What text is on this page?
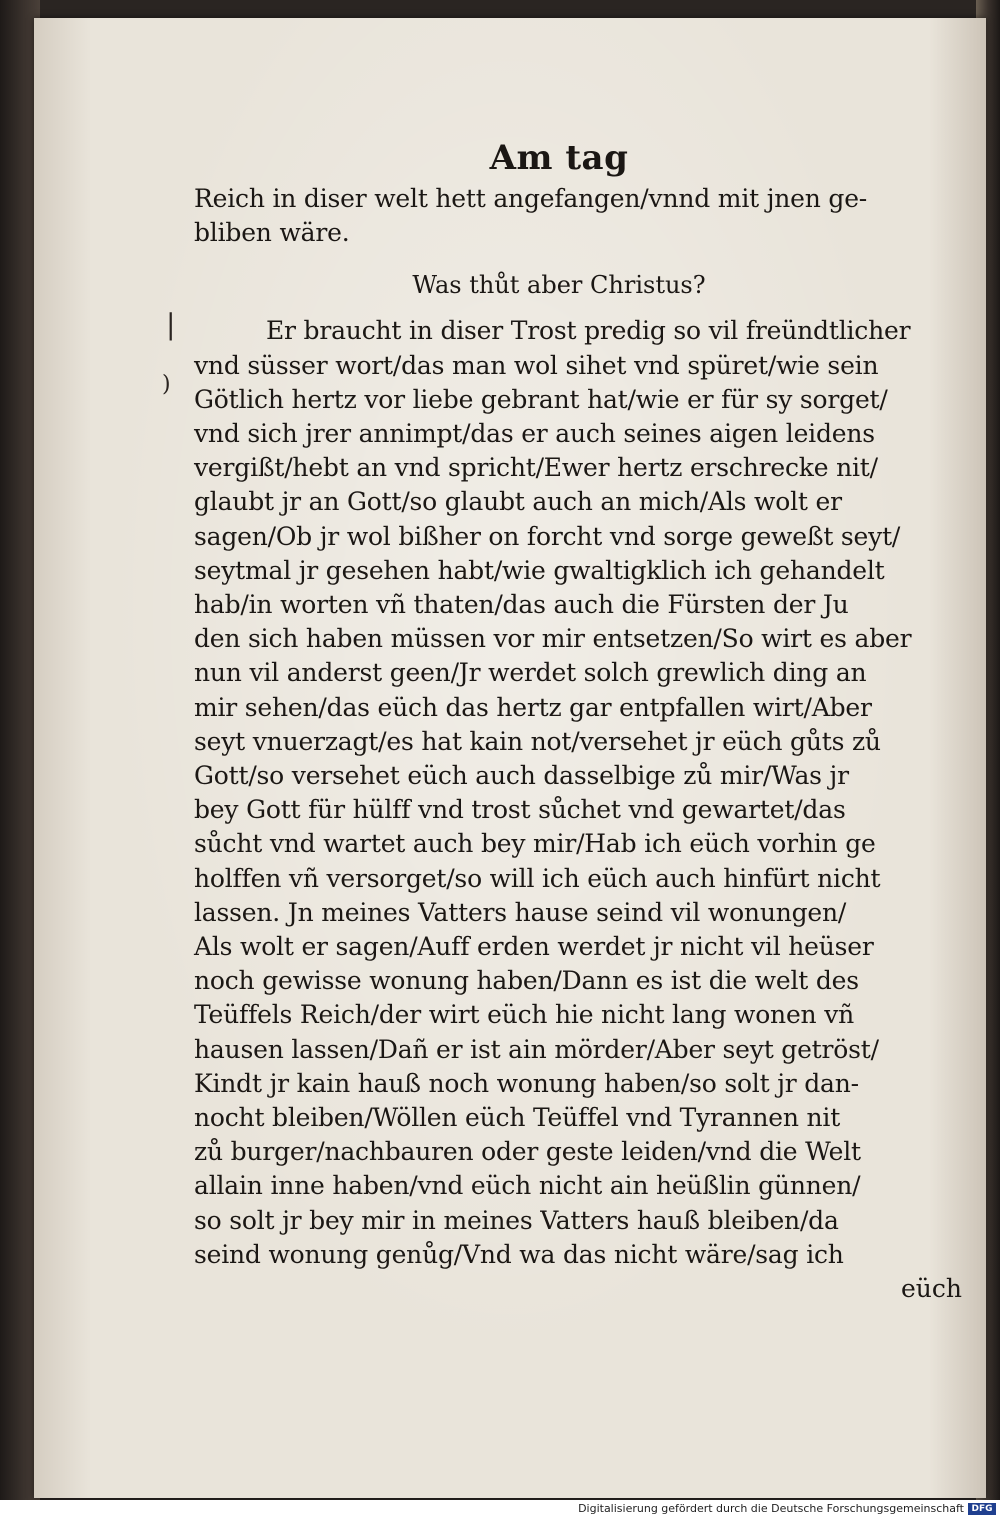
|
)
Am tag
Reich in diser welt hett angefangen/vnnd mit jnen ge-
bliben wäre.
Was thůt aber Christus?
Er braucht in diser Trost predig so vil freündtlicher
vnd süsser wort/das man wol sihet vnd spüret/wie sein
Götlich hertz vor liebe gebrant hat/wie er für sy sorget/
vnd sich jrer annimpt/das er auch seines aigen leidens
vergißt/hebt an vnd spricht/Ewer hertz erschrecke nit/
glaubt jr an Gott/so glaubt auch an mich/Als wolt er
sagen/Ob jr wol bißher on forcht vnd sorge geweßt seyt/
seytmal jr gesehen habt/wie gwaltigklich ich gehandelt
hab/in worten vñ thaten/das auch die Fürsten der Ju
den sich haben müssen vor mir entsetzen/So wirt es aber
nun vil anderst geen/Jr werdet solch grewlich ding an
mir sehen/das eüch das hertz gar entpfallen wirt/Aber
seyt vnuerzagt/es hat kain not/versehet jr eüch gůts zů
Gott/so versehet eüch auch dasselbige zů mir/Was jr
bey Gott für hülff vnd trost sůchet vnd gewartet/das
sůcht vnd wartet auch bey mir/Hab ich eüch vorhin ge
holffen vñ versorget/so will ich eüch auch hinfürt nicht
lassen. Jn meines Vatters hause seind vil wonungen/
Als wolt er sagen/Auff erden werdet jr nicht vil heüser
noch gewisse wonung haben/Dann es ist die welt des
Teüffels Reich/der wirt eüch hie nicht lang wonen vñ
hausen lassen/Dañ er ist ain mörder/Aber seyt getröst/
Kindt jr kain hauß noch wonung haben/so solt jr dan-
nocht bleiben/Wöllen eüch Teüffel vnd Tyrannen nit
zů burger/nachbauren oder geste leiden/vnd die Welt
allain inne haben/vnd eüch nicht ain heüßlin günnen/
so solt jr bey mir in meines Vatters hauß bleiben/da
seind wonung genůg/Vnd wa das nicht wäre/sag ich
eüch
Digitalisierung gefördert durch die Deutsche Forschungsgemeinschaft DFG
